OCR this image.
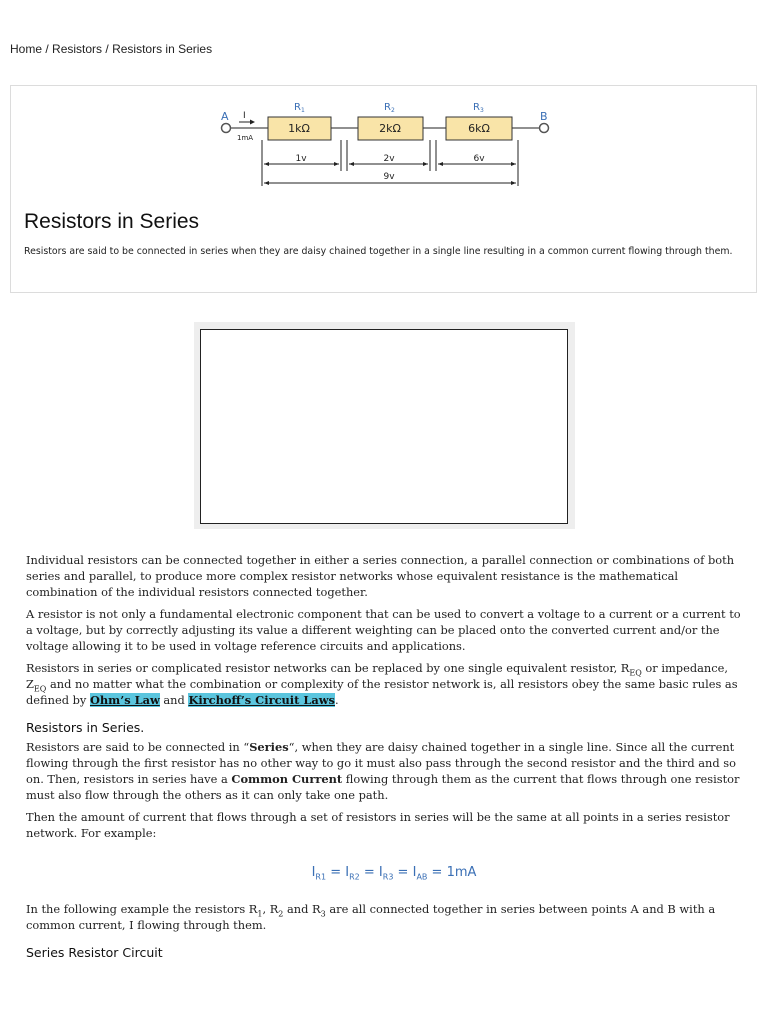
Home / Resistors / Resistors in Series
A	B
I
1mA
1kΩ	2kΩ	6kΩ
$R_1$	$R_2$	$R_3$
1v	2v	6v
9v
Resistors in Series

Resistors are said to be connected in series when they are daisy chained together in a single line resulting in a common current flowing through them.

Individual resistors can be connected together in either a series connection, a parallel connection or combinations of both series and parallel, to produce more complex resistor networks whose equivalent resistance is the mathematical combination of the individual resistors connected together.

A resistor is not only a fundamental electronic component that can be used to convert a voltage to a current or a current to a voltage, but by correctly adjusting its value a different weighting can be placed onto the converted current and/or the voltage allowing it to be used in voltage reference circuits and applications.

Resistors in series or complicated resistor networks can be replaced by one single equivalent resistor, $R_{EQ}$ or impedance, $Z_{EQ}$ and no matter what the combination or complexity of the resistor network is, all resistors obey the same basic rules as defined by Ohm’s Law and Kirchoff’s Circuit Laws.

Resistors in Series.

Resistors are said to be connected in “Series“, when they are daisy chained together in a single line. Since all the current flowing through the first resistor has no other way to go it must also pass through the second resistor and the third and so on. Then, resistors in series have a Common Current flowing through them as the current that flows through one resistor must also flow through the others as it can only take one path.

Then the amount of current that flows through a set of resistors in series will be the same at all points in a series resistor network. For example:

$I_{R1} = I_{R2} = I_{R3} = I_{AB} = 1mA$

In the following example the resistors $R_1$, $R_2$ and $R_3$ are all connected together in series between points A and B with a common current, I flowing through them.

Series Resistor Circuit
